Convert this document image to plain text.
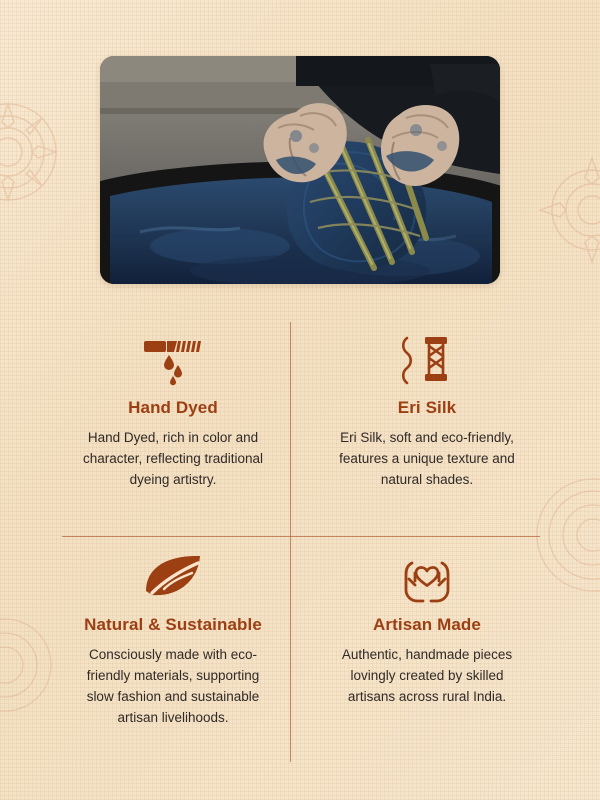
Hand Dyed

Hand Dyed, rich in color and character, reflecting traditional dyeing artistry.

Eri Silk

Eri Silk, soft and eco-friendly, features a unique texture and natural shades.

Natural & Sustainable

Consciously made with eco-friendly materials, supporting slow fashion and sustainable artisan livelihoods.

Artisan Made

Authentic, handmade pieces lovingly created by skilled artisans across rural India.
